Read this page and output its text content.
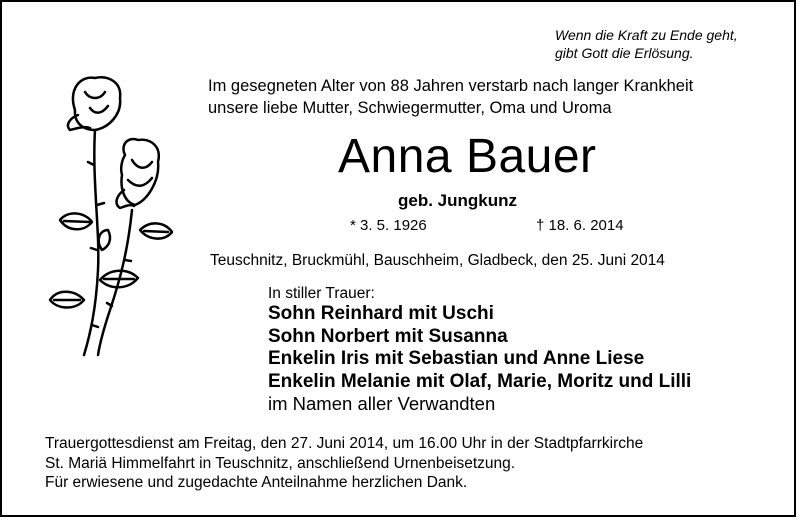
Wenn die Kraft zu Ende geht,
gibt Gott die Erlösung.
Im gesegneten Alter von 88 Jahren verstarb nach langer Krankheit
unsere liebe Mutter, Schwiegermutter, Oma und Uroma
Anna Bauer
geb. Jungkunz
* 3. 5. 1926	† 18. 6. 2014
Teuschnitz, Bruckmühl, Bauschheim, Gladbeck, den 25. Juni 2014
In stiller Trauer:
Sohn Reinhard mit Uschi
Sohn Norbert mit Susanna
Enkelin Iris mit Sebastian und Anne Liese
Enkelin Melanie mit Olaf, Marie, Moritz und Lilli
im Namen aller Verwandten
Trauergottesdienst am Freitag, den 27. Juni 2014, um 16.00 Uhr in der Stadtpfarrkirche
St. Mariä Himmelfahrt in Teuschnitz, anschließend Urnenbeisetzung.
Für erwiesene und zugedachte Anteilnahme herzlichen Dank.
